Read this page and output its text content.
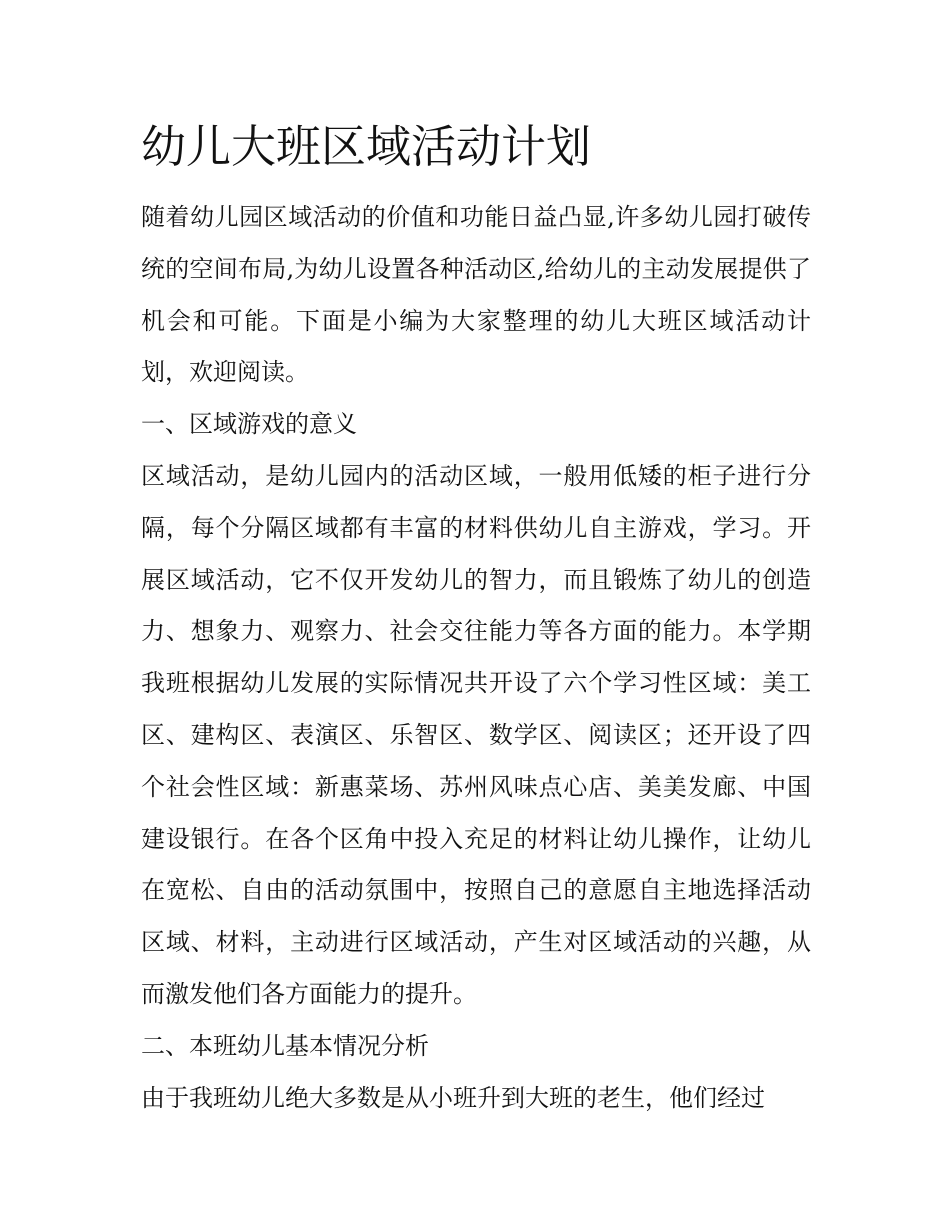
幼儿大班区域活动计划

随着幼儿园区域活动的价值和功能日益凸显,许多幼儿园打破传统的空间布局,为幼儿设置各种活动区,给幼儿的主动发展提供了机会和可能。下面是小编为大家整理的幼儿大班区域活动计划，欢迎阅读。

一、区域游戏的意义

区域活动，是幼儿园内的活动区域，一般用低矮的柜子进行分隔，每个分隔区域都有丰富的材料供幼儿自主游戏，学习。开展区域活动，它不仅开发幼儿的智力，而且锻炼了幼儿的创造力、想象力、观察力、社会交往能力等各方面的能力。本学期我班根据幼儿发展的实际情况共开设了六个学习性区域：美工区、建构区、表演区、乐智区、数学区、阅读区；还开设了四个社会性区域：新惠菜场、苏州风味点心店、美美发廊、中国建设银行。在各个区角中投入充足的材料让幼儿操作，让幼儿在宽松、自由的活动氛围中，按照自己的意愿自主地选择活动区域、材料，主动进行区域活动，产生对区域活动的兴趣，从而激发他们各方面能力的提升。

二、本班幼儿基本情况分析

由于我班幼儿绝大多数是从小班升到大班的老生，他们经过
